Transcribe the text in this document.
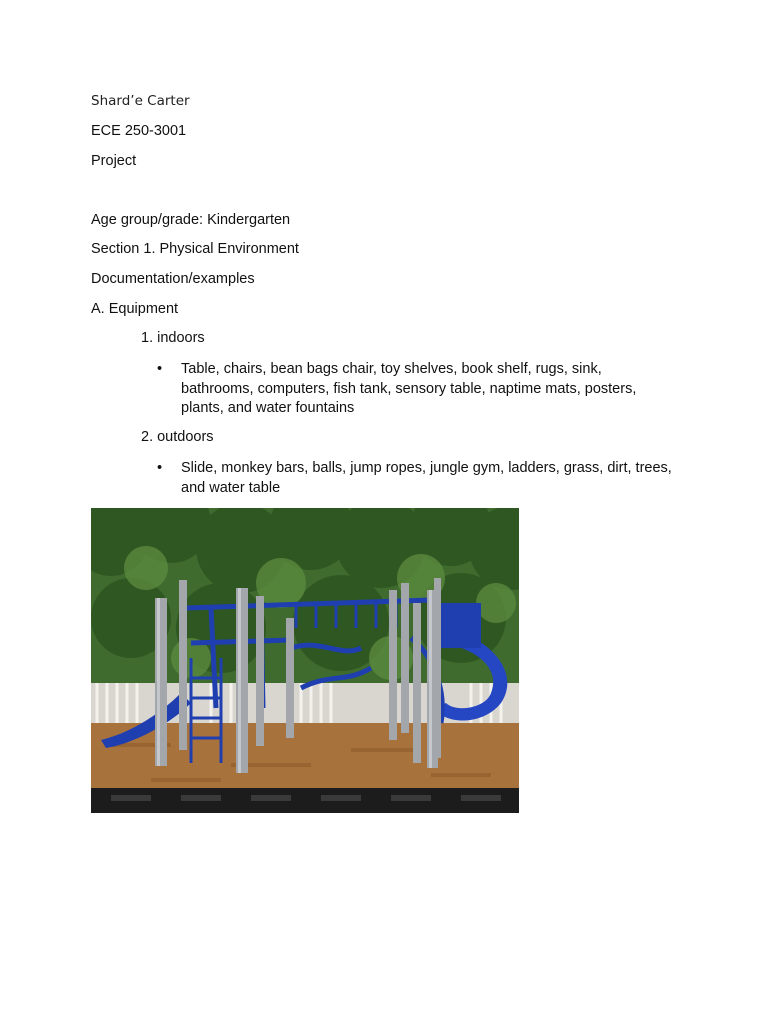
Shard’e Carter
ECE 250-3001
Project
Age group/grade: Kindergarten
Section 1. Physical Environment
Documentation/examples
A. Equipment
1. indoors
•	Table, chairs, bean bags chair, toy shelves, book shelf, rugs, sink, bathrooms, computers, fish tank, sensory table, naptime mats, posters, plants, and water fountains
2. outdoors
•	Slide, monkey bars, balls, jump ropes, jungle gym, ladders, grass, dirt, trees, and water table
